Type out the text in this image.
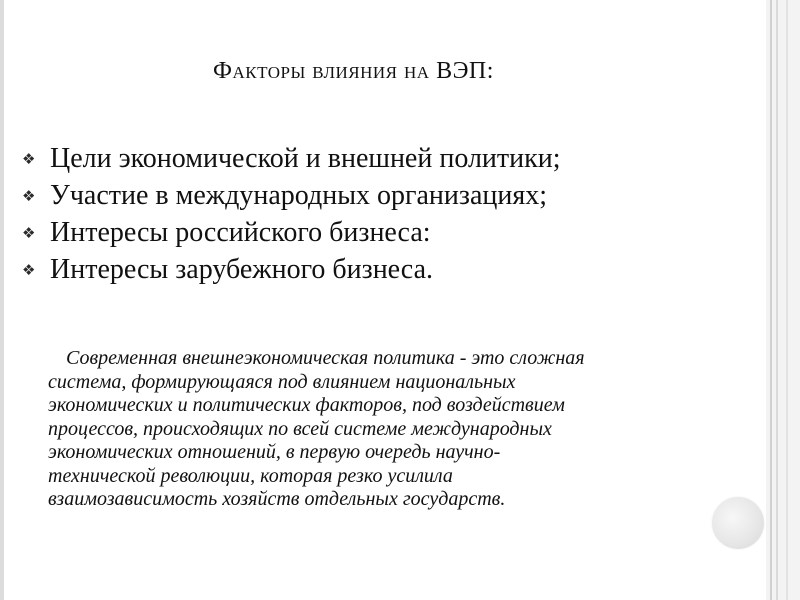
Факторы влияния на ВЭП:
❖ Цели экономической и внешней политики;
❖ Участие в международных организациях;
❖ Интересы российского бизнеса:
❖ Интересы зарубежного бизнеса.

Современная внешнеэкономическая политика - это сложная
система, формирующаяся под влиянием национальных
экономических и политических факторов, под воздействием
процессов, происходящих по всей системе международных
экономических отношений, в первую очередь научно-
технической революции, которая резко усилила
взаимозависимость хозяйств отдельных государств.
